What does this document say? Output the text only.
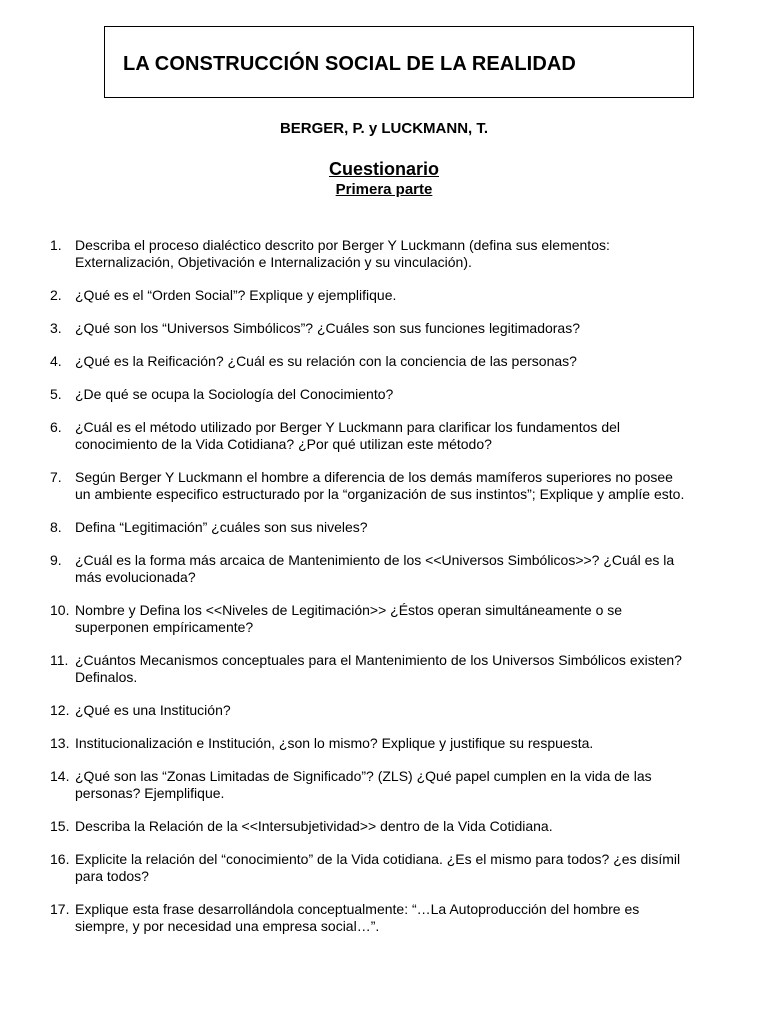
LA CONSTRUCCIÓN SOCIAL DE LA REALIDAD
BERGER, P. y LUCKMANN, T.
Cuestionario
Primera parte
1. Describa el proceso dialéctico descrito por Berger Y Luckmann (defina sus elementos: Externalización, Objetivación e Internalización y su vinculación).
2. ¿Qué es el “Orden Social”? Explique y ejemplifique.
3. ¿Qué son los “Universos Simbólicos”? ¿Cuáles son sus funciones legitimadoras?
4. ¿Qué es la Reificación? ¿Cuál es su relación con la conciencia de las personas?
5. ¿De qué se ocupa la Sociología del Conocimiento?
6. ¿Cuál es el método utilizado por Berger Y Luckmann para clarificar los fundamentos del conocimiento de la Vida Cotidiana? ¿Por qué utilizan este método?
7. Según Berger Y Luckmann el hombre a diferencia de los demás mamíferos superiores no posee un ambiente especifico estructurado por la “organización de sus instintos”; Explique y amplíe esto.
8. Defina “Legitimación” ¿cuáles son sus niveles?
9. ¿Cuál es la forma más arcaica de Mantenimiento de los <<Universos Simbólicos>>? ¿Cuál es la más evolucionada?
10. Nombre y Defina los <<Niveles de Legitimación>> ¿Éstos operan simultáneamente o se superponen empíricamente?
11. ¿Cuántos Mecanismos conceptuales para el Mantenimiento de los Universos Simbólicos existen? Definalos.
12. ¿Qué es una Institución?
13. Institucionalización e Institución, ¿son lo mismo? Explique y justifique su respuesta.
14. ¿Qué son las “Zonas Limitadas de Significado”? (ZLS) ¿Qué papel cumplen en la vida de las personas? Ejemplifique.
15. Describa la Relación de la <<Intersubjetividad>> dentro de la Vida Cotidiana.
16. Explicite la relación del “conocimiento” de la Vida cotidiana. ¿Es el mismo para todos? ¿es disímil para todos?
17. Explique esta frase desarrollándola conceptualmente: “…La Autoproducción del hombre es siempre, y por necesidad una empresa social…”.
